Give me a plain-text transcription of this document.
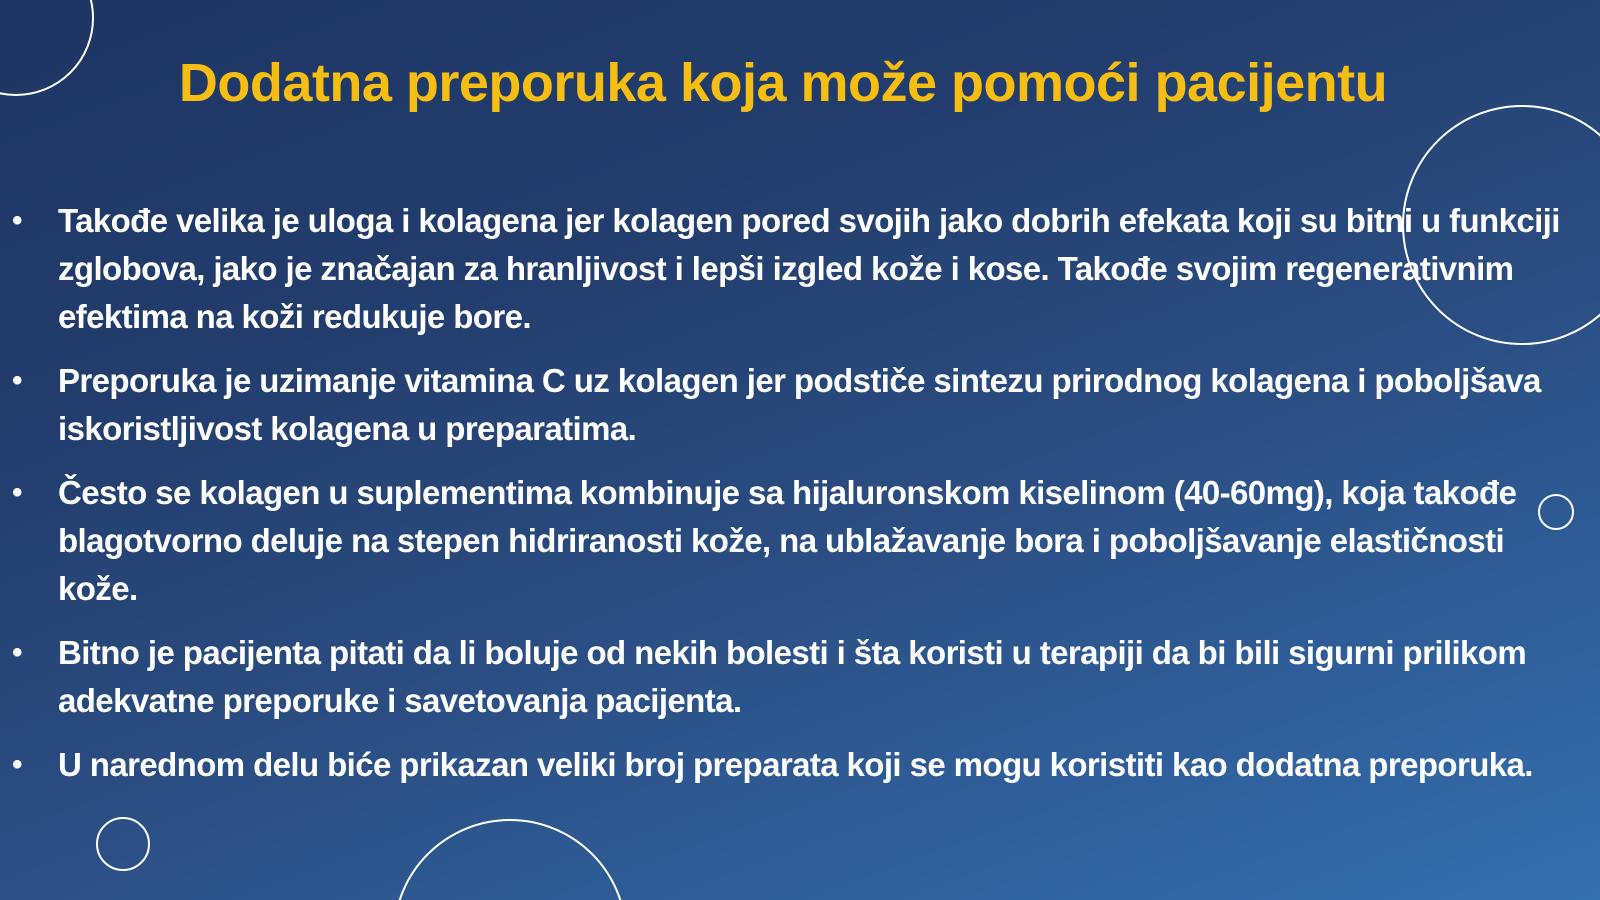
Dodatna preporuka koja može pomoći pacijentu
• Takođe velika je uloga i kolagena jer kolagen pored svojih jako dobrih efekata koji su bitni u funkciji zglobova, jako je značajan za hranljivost i lepši izgled kože i kose. Takođe svojim regenerativnim efektima na koži redukuje bore.
• Preporuka je uzimanje vitamina C uz kolagen jer podstiče sintezu prirodnog kolagena i poboljšava iskoristljivost kolagena u preparatima.
• Često se kolagen u suplementima kombinuje sa hijaluronskom kiselinom (40-60mg), koja takođe blagotvorno deluje na stepen hidriranosti kože, na ublažavanje bora i poboljšavanje elastičnosti kože.
• Bitno je pacijenta pitati da li boluje od nekih bolesti i šta koristi u terapiji da bi bili sigurni prilikom adekvatne preporuke i savetovanja pacijenta.
• U narednom delu biće prikazan veliki broj preparata koji se mogu koristiti kao dodatna preporuka.
